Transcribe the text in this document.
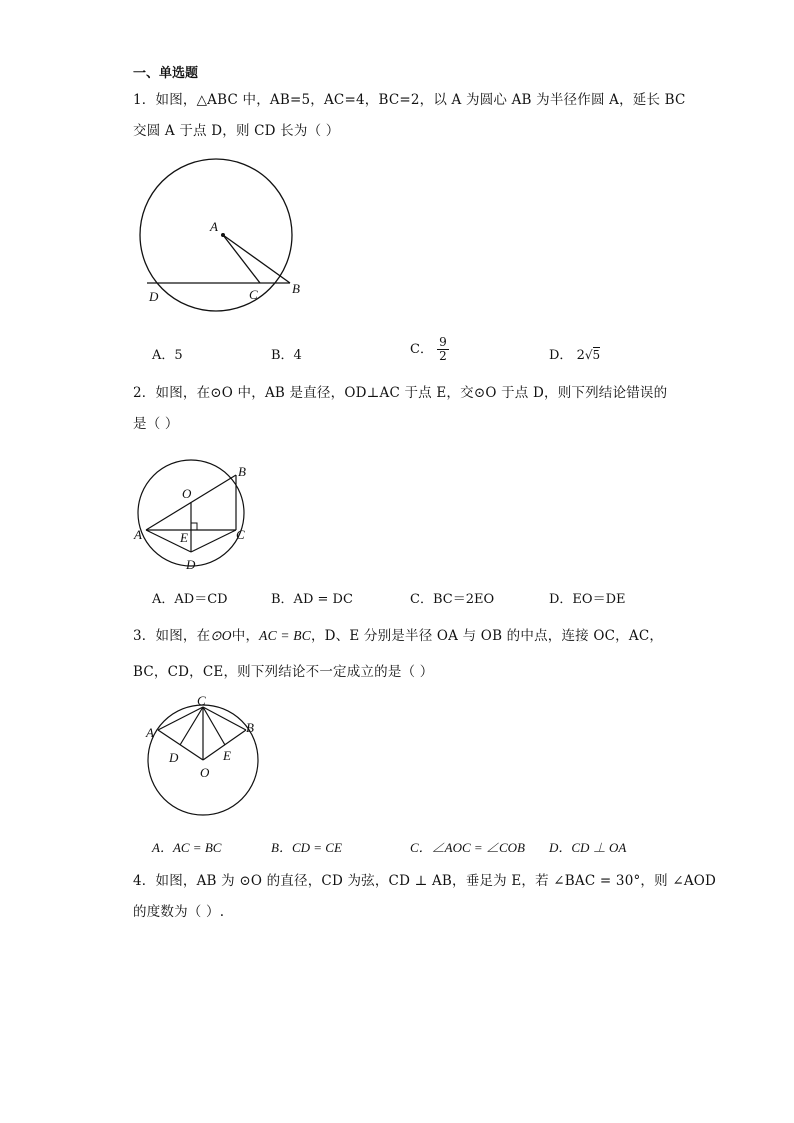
一、单选题
1．如图，△ABC 中，AB=5，AC=4，BC=2，以 A 为圆心 AB 为半径作圆 A，延长 BC
交圆 A 于点 D，则 CD 长为（ ）
A
B
C
D
A．5	B．4	C． $\frac{9}{2}$	D． 2√5
2．如图，在⊙O 中，AB 是直径，OD⊥AC 于点 E，交⊙O 于点 D，则下列结论错误的
是（ ）
B
O
A	E	C
D
A．AD＝CD	B．AD = DC	C．BC＝2EO	D．EO＝DE
3．如图，在⊙O中，AC = BC，D、E 分别是半径 OA 与 OB 的中点，连接 OC，AC，
BC，CD，CE，则下列结论不一定成立的是（ ）
C
A	B
D	E
O
A．AC = BC	B．CD = CE	C．∠AOC = ∠COB D．CD ⊥ OA
4．如图，AB 为 ⊙O 的直径，CD 为弦，CD ⊥ AB，垂足为 E，若 ∠BAC = 30°，则 ∠AOD
的度数为（ ）.
